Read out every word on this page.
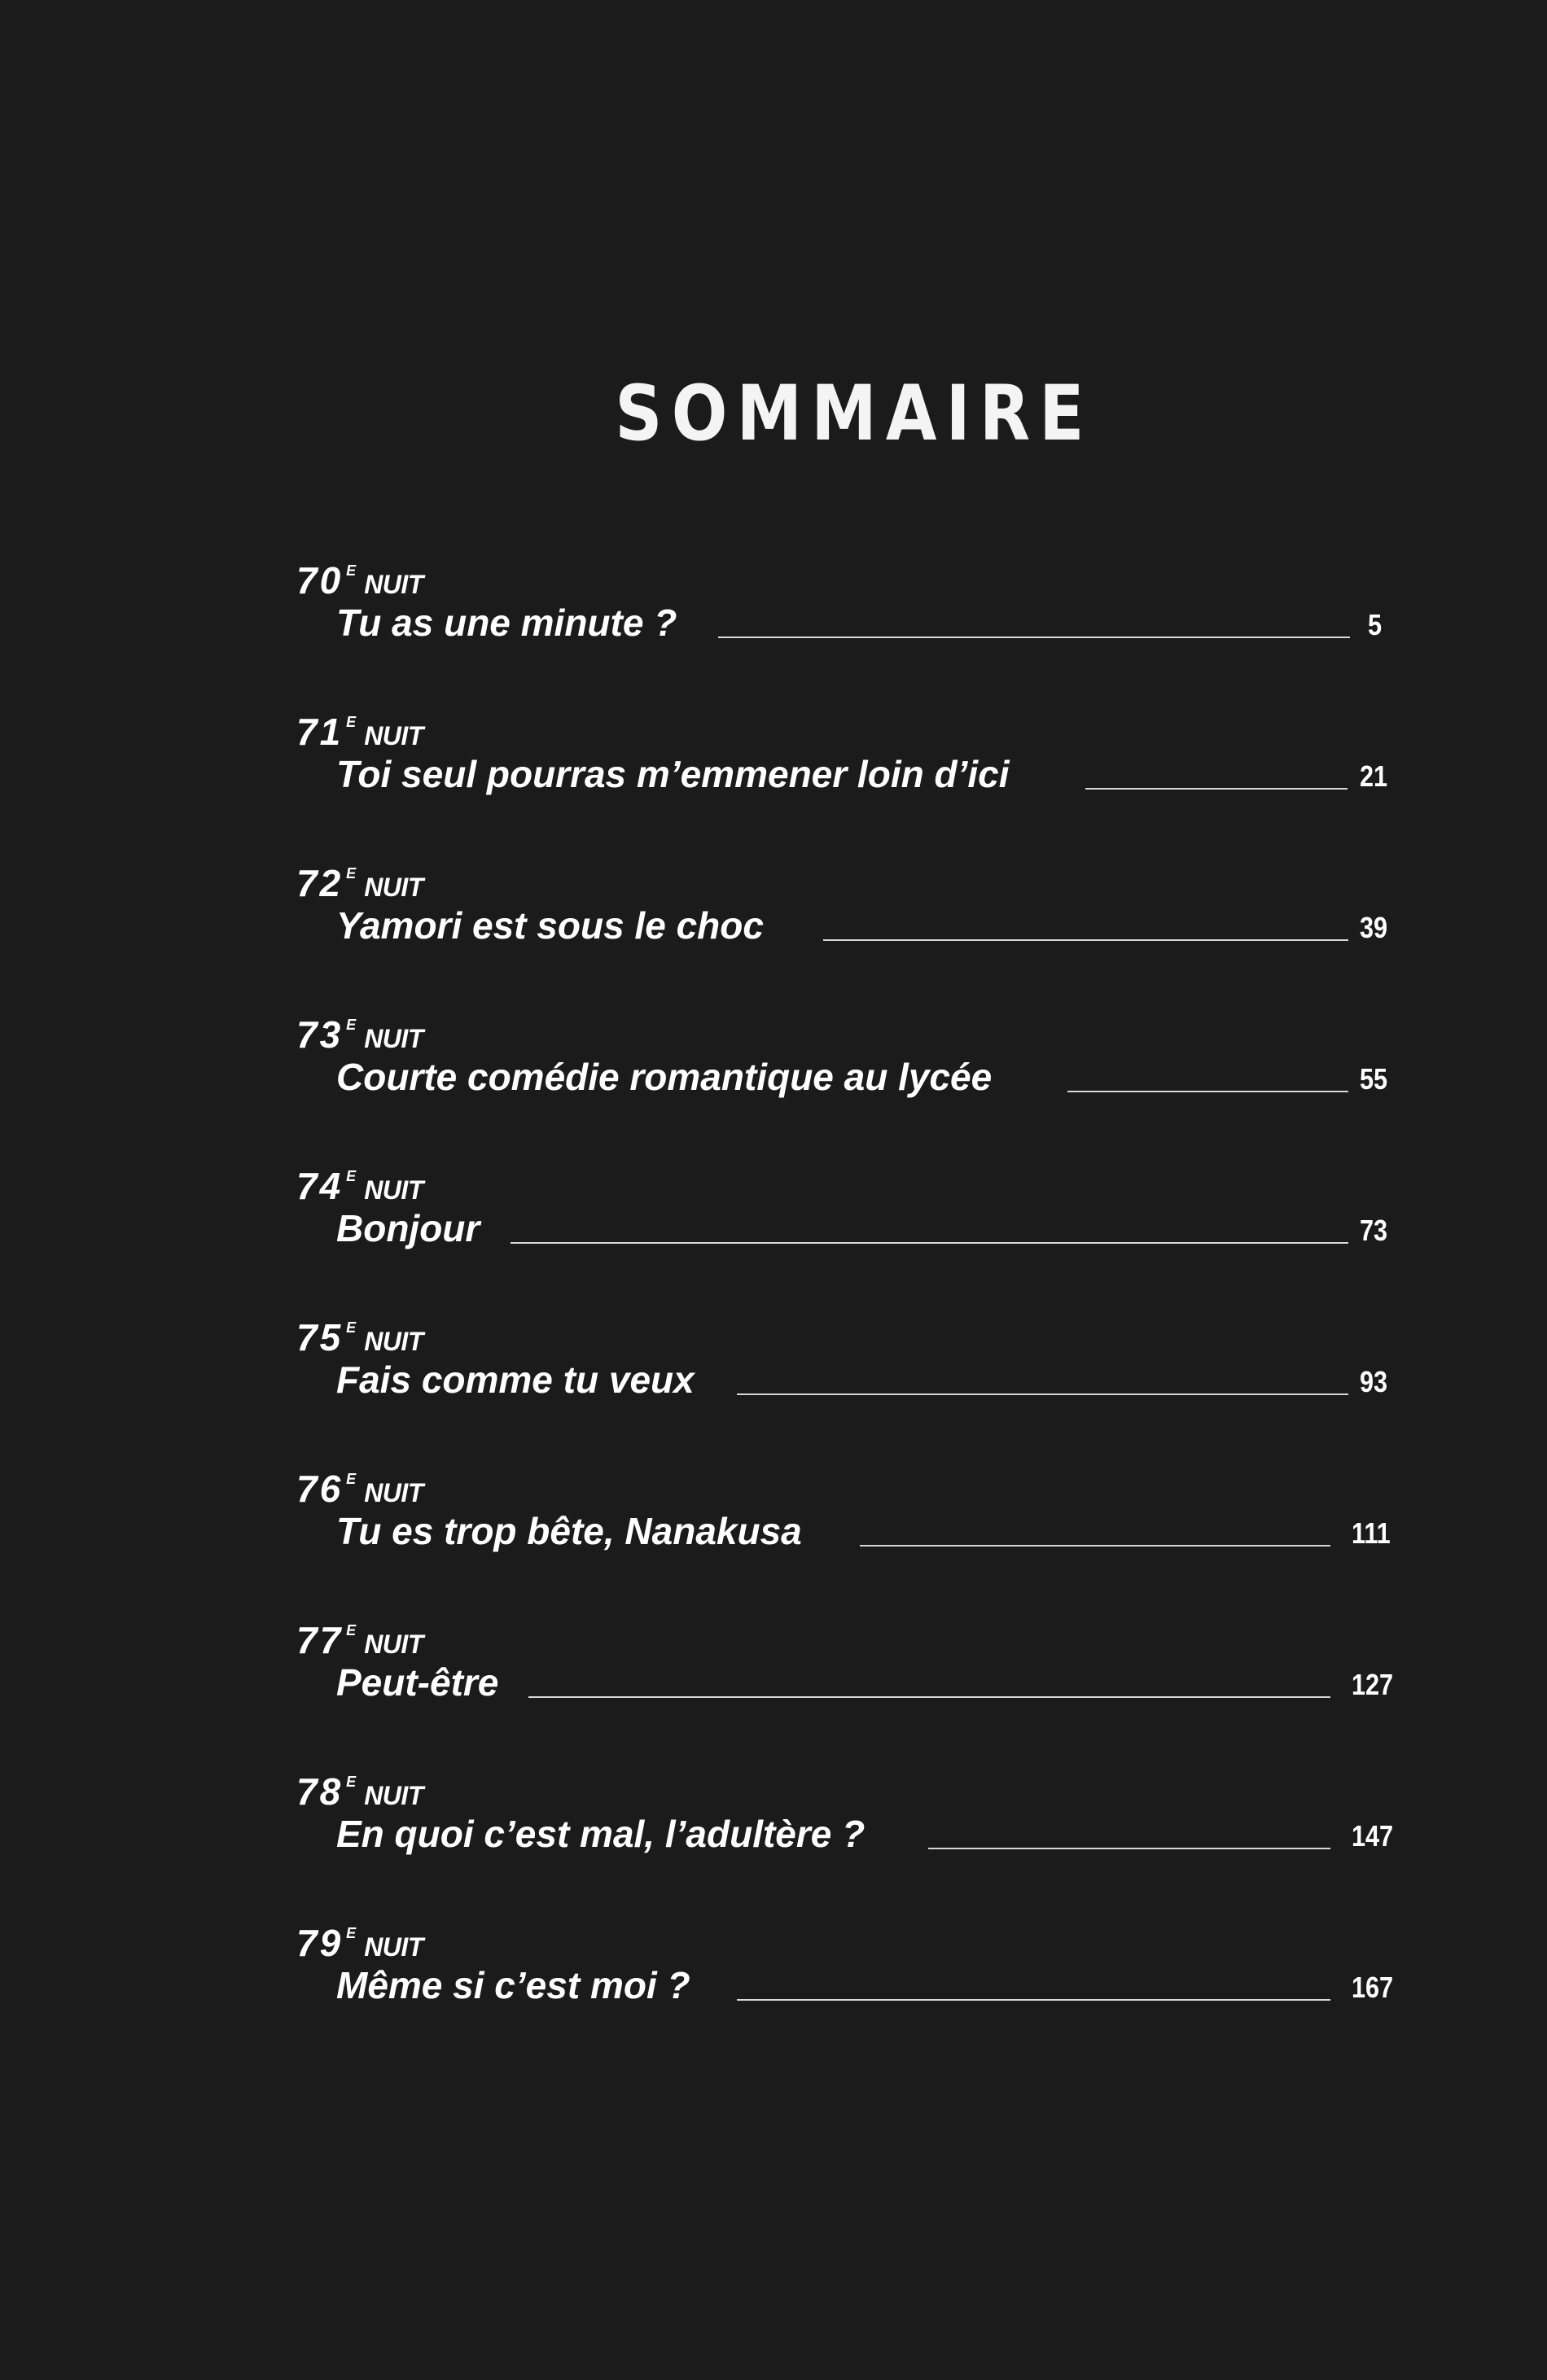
SOMMAIRE
70 E NUIT
Tu as une minute ?	5
71 E NUIT
Toi seul pourras m’emmener loin d’ici	21
72 E NUIT
Yamori est sous le choc	39
73 E NUIT
Courte comédie romantique au lycée	55
74 E NUIT
Bonjour	73
75 E NUIT
Fais comme tu veux	93
76 E NUIT
Tu es trop bête, Nanakusa	111
77 E NUIT
Peut-être	127
78 E NUIT
En quoi c’est mal, l’adultère ?	147
79 E NUIT
Même si c’est moi ?	167
